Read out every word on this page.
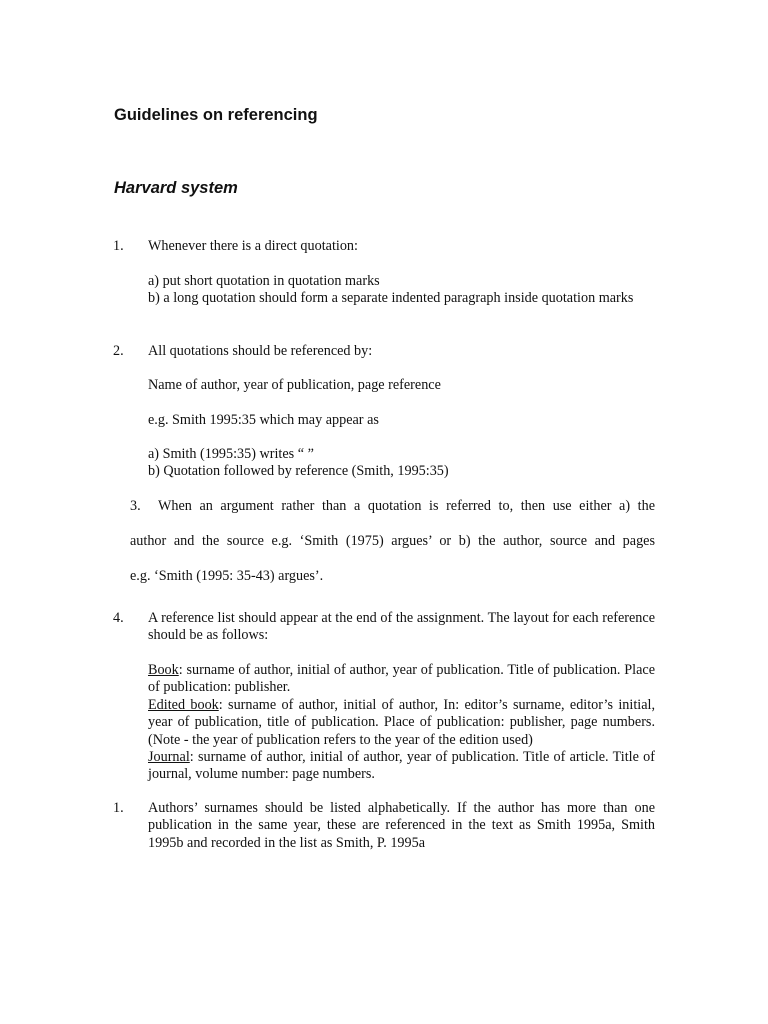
Guidelines on referencing
Harvard system
1. Whenever there is a direct quotation:
a) put short quotation in quotation marks
b) a long quotation should form a separate indented paragraph inside quotation marks
2. All quotations should be referenced by:
Name of author, year of publication, page reference
e.g. Smith 1995:35 which may appear as
a) Smith (1995:35) writes “ ”
b) Quotation followed by reference (Smith, 1995:35)
3. When an argument rather than a quotation is referred to, then use either a) the
author and the source e.g. ‘Smith (1975) argues’ or b) the author, source and pages
e.g. ‘Smith (1995: 35-43) argues’.
4. A reference list should appear at the end of the assignment. The layout for each reference should be as follows:

Book: surname of author, initial of author, year of publication. Title of publication. Place of publication: publisher.

Edited book: surname of author, initial of author, In: editor’s surname, editor’s initial, year of publication, title of publication. Place of publication: publisher, page numbers. (Note - the year of publication refers to the year of the edition used)

Journal: surname of author, initial of author, year of publication. Title of article. Title of journal, volume number: page numbers.

1. Authors’ surnames should be listed alphabetically. If the author has more than one publication in the same year, these are referenced in the text as Smith 1995a, Smith 1995b and recorded in the list as Smith, P. 1995a
